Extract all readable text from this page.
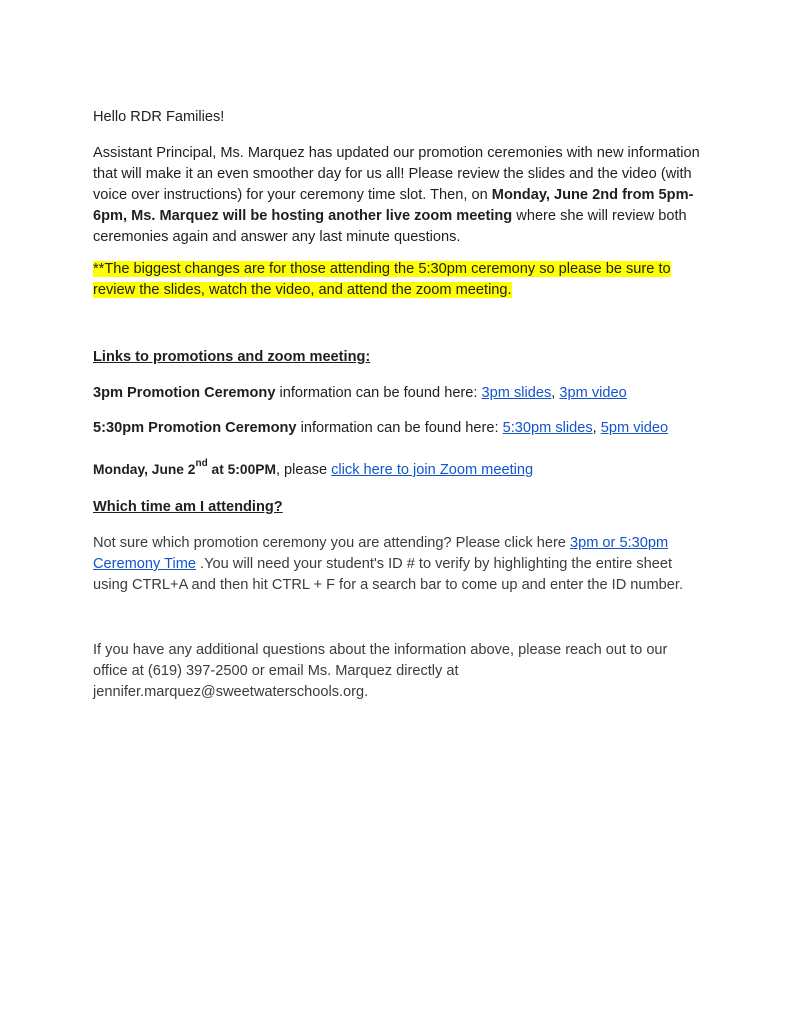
Hello RDR Families!

Assistant Principal, Ms. Marquez has updated our promotion ceremonies with new information that will make it an even smoother day for us all! Please review the slides and the video (with voice over instructions) for your ceremony time slot. Then, on Monday, June 2nd from 5pm-6pm, Ms. Marquez will be hosting another live zoom meeting where she will review both ceremonies again and answer any last minute questions.

**The biggest changes are for those attending the 5:30pm ceremony so please be sure to review the slides, watch the video, and attend the zoom meeting.

Links to promotions and zoom meeting:

3pm Promotion Ceremony information can be found here: 3pm slides, 3pm video

5:30pm Promotion Ceremony information can be found here: 5:30pm slides, 5pm video

Monday, June 2nd at 5:00PM, please click here to join Zoom meeting

Which time am I attending?

Not sure which promotion ceremony you are attending? Please click here 3pm or 5:30pm Ceremony Time .You will need your student's ID # to verify by highlighting the entire sheet using CTRL+A and then hit CTRL + F for a search bar to come up and enter the ID number.

If you have any additional questions about the information above, please reach out to our office at (619) 397-2500 or email Ms. Marquez directly at jennifer.marquez@sweetwaterschools.org.
